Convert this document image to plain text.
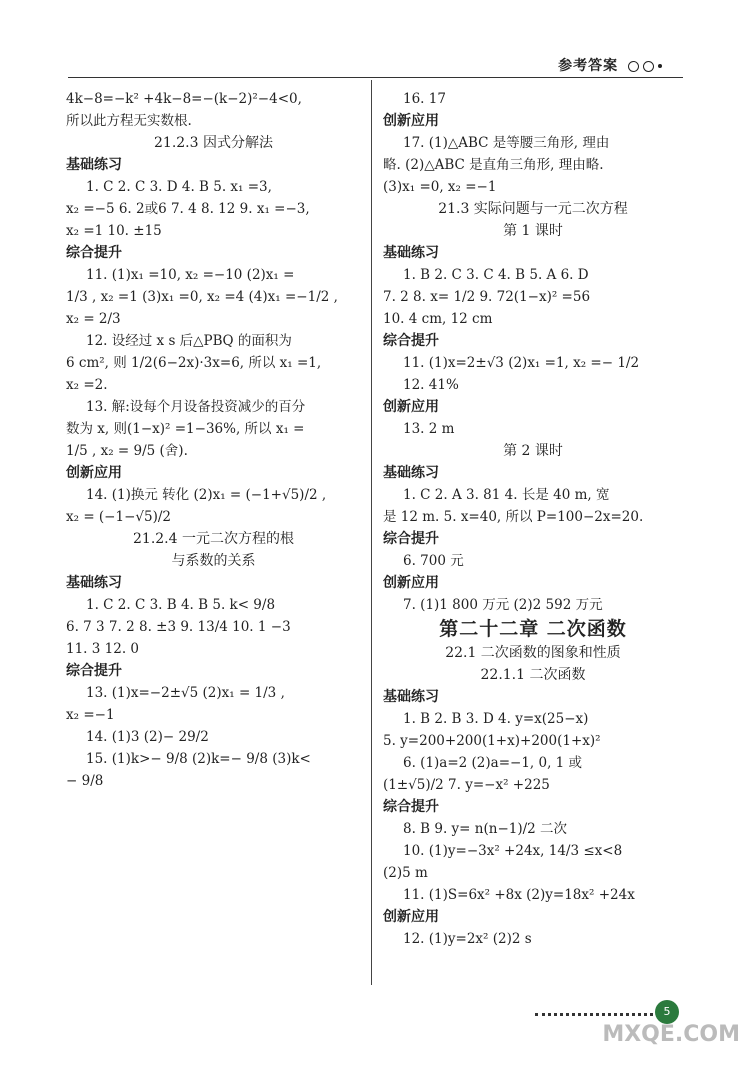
参考答案
4k−8=−k² +4k−8=−(k−2)²−4<0,
所以此方程无实数根.
21.2.3 因式分解法
基础练习
1. C 2. C 3. D 4. B 5. x₁ =3,
x₂ =−5 6. 2或6 7. 4 8. 12 9. x₁ =−3,
x₂ =1 10. ±15
综合提升
11. (1)x₁ =10, x₂ =−10 (2)x₁ =
1/3 , x₂ =1 (3)x₁ =0, x₂ =4 (4)x₁ =−1/2 ,
x₂ = 2/3
12. 设经过 x s 后△PBQ 的面积为
6 cm², 则 1/2(6−2x)·3x=6, 所以 x₁ =1,
x₂ =2.
13. 解:设每个月设备投资减少的百分
数为 x, 则(1−x)² =1−36%, 所以 x₁ =
1/5 , x₂ = 9/5 (舍).
创新应用
14. (1)换元 转化 (2)x₁ = (−1+√5)/2 ,
x₂ = (−1−√5)/2
21.2.4 一元二次方程的根
与系数的关系
基础练习
1. C 2. C 3. B 4. B 5. k< 9/8
6. 7 3 7. 2 8. ±3 9. 13/4 10. 1 −3
11. 3 12. 0
综合提升
13. (1)x=−2±√5 (2)x₁ = 1/3 ,
x₂ =−1
14. (1)3 (2)− 29/2
15. (1)k>− 9/8 (2)k=− 9/8 (3)k<
− 9/8
16. 17
创新应用
17. (1)△ABC 是等腰三角形, 理由
略. (2)△ABC 是直角三角形, 理由略.
(3)x₁ =0, x₂ =−1
21.3 实际问题与一元二次方程
第 1 课时
基础练习
1. B 2. C 3. C 4. B 5. A 6. D
7. 2 8. x= 1/2 9. 72(1−x)² =56
10. 4 cm, 12 cm
综合提升
11. (1)x=2±√3 (2)x₁ =1, x₂ =− 1/2
12. 41%
创新应用
13. 2 m
第 2 课时
基础练习
1. C 2. A 3. 81 4. 长是 40 m, 宽
是 12 m. 5. x=40, 所以 P=100−2x=20.
综合提升
6. 700 元
创新应用
7. (1)1 800 万元 (2)2 592 万元
第二十二章 二次函数
22.1 二次函数的图象和性质
22.1.1 二次函数
基础练习
1. B 2. B 3. D 4. y=x(25−x)
5. y=200+200(1+x)+200(1+x)²
6. (1)a=2 (2)a=−1, 0, 1 或
(1±√5)/2 7. y=−x² +225
综合提升
8. B 9. y= n(n−1)/2 二次
10. (1)y=−3x² +24x, 14/3 ≤x<8
(2)5 m
11. (1)S=6x² +8x (2)y=18x² +24x
创新应用
12. (1)y=2x² (2)2 s
5
MXQE.COM
